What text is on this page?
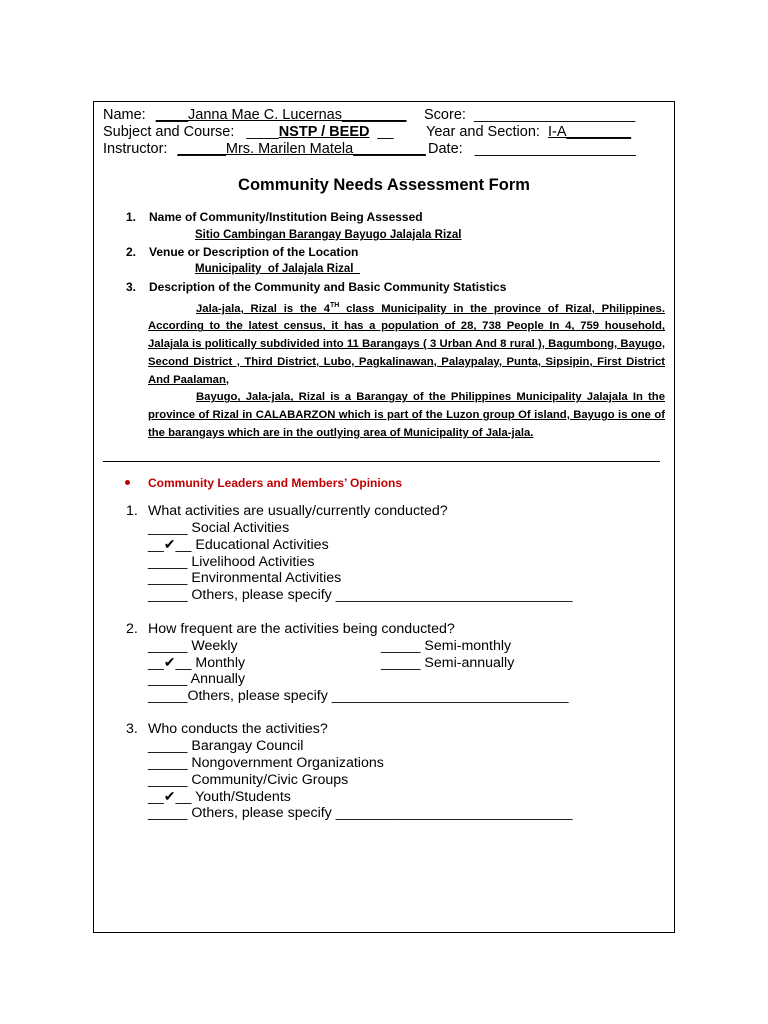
Name: ____Janna Mae C. Lucernas________ Score: ____________________
Subject and Course: ____NSTP / BEED __ Year and Section: I-A________
Instructor: ______Mrs. Marilen Matela_________ Date: ____________________
Community Needs Assessment Form
1. Name of Community/Institution Being Assessed
Sitio Cambingan Barangay Bayugo Jalajala Rizal
2. Venue or Description of the Location
Municipality  of Jalajala Rizal
3. Description of the Community and Basic Community Statistics

Jala-jala, Rizal is the 4TH class Municipality in the province of Rizal, Philippines. According to the latest census, it has a population of 28, 738 People In 4, 759 household, Jalajala is politically subdivided into 11 Barangays ( 3 Urban And 8 rural ), Bagumbong, Bayugo, Second District , Third District, Lubo, Pagkalinawan, Palaypalay, Punta, Sipsipin, First District And Paalaman,

Bayugo, Jala-jala, Rizal is a Barangay of the Philippines Municipality Jalajala In the province of Rizal in CALABARZON which is part of the Luzon group Of island, Bayugo is one of the barangays which are in the outlying area of Municipality of Jala-jala.

Community Leaders and Members’ Opinions
1. What activities are usually/currently conducted?
_____ Social Activities
__✔__ Educational Activities
_____ Livelihood Activities
_____ Environmental Activities
_____ Others, please specify ______________________________
2. How frequent are the activities being conducted?
_____ Weekly	_____ Semi-monthly
__✔__ Monthly	_____ Semi-annually
_____ Annually
_____Others, please specify ______________________________
3. Who conducts the activities?
_____ Barangay Council
_____ Nongovernment Organizations
_____ Community/Civic Groups
__✔__ Youth/Students
_____ Others, please specify ______________________________
